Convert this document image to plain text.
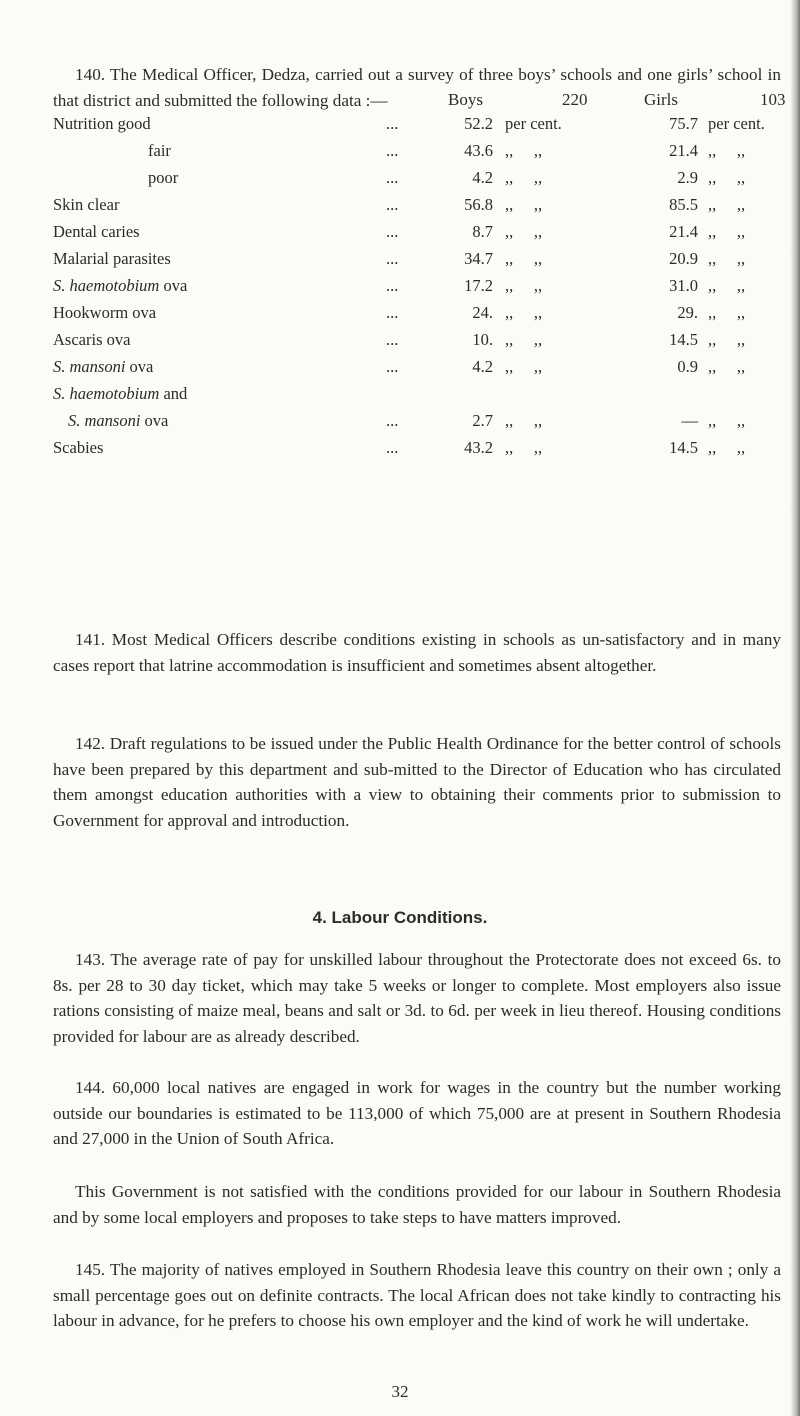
140. The Medical Officer, Dedza, carried out a survey of three boys’ schools and one girls’ school in that district and submitted the following data :—	Boys	220	Girls	103
Nutrition good	...	52.2 per cent.	75.7 per cent.
fair	...	43.6 ,,     ,,	21.4 ,,     ,,
poor	...	4.2 ,,     ,,	2.9 ,,     ,,
Skin clear	...	56.8 ,,     ,,	85.5 ,,     ,,
Dental caries	...	8.7 ,,     ,,	21.4 ,,     ,,
Malarial parasites	...	34.7 ,,     ,,	20.9 ,,     ,,
S. haemotobium ova	...	17.2 ,,     ,,	31.0 ,,     ,,
Hookworm ova	...	24. ,,     ,,	29. ,,     ,,
Ascaris ova	...	10. ,,     ,,	14.5 ,,     ,,
S. mansoni ova	...	4.2 ,,     ,,	0.9 ,,     ,,
S. haemotobium and
S. mansoni ova	...	2.7 ,,     ,,	— ,,     ,,
Scabies	...	43.2 ,,     ,,	14.5 ,,     ,,

141. Most Medical Officers describe conditions existing in schools as un-satisfactory and in many cases report that latrine accommodation is insufficient and sometimes absent altogether.

142. Draft regulations to be issued under the Public Health Ordinance for the better control of schools have been prepared by this department and sub-mitted to the Director of Education who has circulated them amongst education authorities with a view to obtaining their comments prior to submission to Government for approval and introduction.

4. Labour Conditions.

143. The average rate of pay for unskilled labour throughout the Protectorate does not exceed 6s. to 8s. per 28 to 30 day ticket, which may take 5 weeks or longer to complete. Most employers also issue rations consisting of maize meal, beans and salt or 3d. to 6d. per week in lieu thereof. Housing conditions provided for labour are as already described.

144. 60,000 local natives are engaged in work for wages in the country but the number working outside our boundaries is estimated to be 113,000 of which 75,000 are at present in Southern Rhodesia and 27,000 in the Union of South Africa.

This Government is not satisfied with the conditions provided for our labour in Southern Rhodesia and by some local employers and proposes to take steps to have matters improved.

145. The majority of natives employed in Southern Rhodesia leave this country on their own ; only a small percentage goes out on definite contracts. The local African does not take kindly to contracting his labour in advance, for he prefers to choose his own employer and the kind of work he will undertake.

32
